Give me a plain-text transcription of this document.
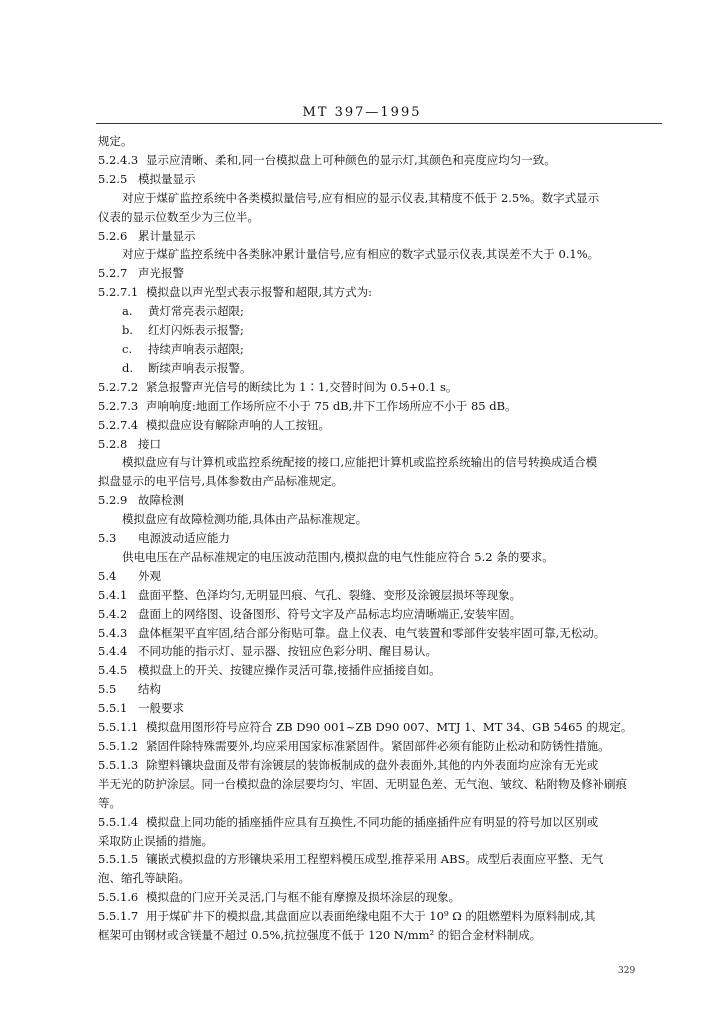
MT 397—1995
规定。
5.2.4.3 显示应清晰、柔和,同一台模拟盘上可种颜色的显示灯,其颜色和亮度应均匀一致。
5.2.5 模拟量显示
对应于煤矿监控系统中各类模拟量信号,应有相应的显示仪表,其精度不低于 2.5%。数字式显示
仪表的显示位数至少为三位半。
5.2.6 累计量显示
对应于煤矿监控系统中各类脉冲累计量信号,应有相应的数字式显示仪表,其误差不大于 0.1%。
5.2.7 声光报警
5.2.7.1 模拟盘以声光型式表示报警和超限,其方式为:
a. 黄灯常亮表示超限;
b. 红灯闪烁表示报警;
c. 持续声响表示超限;
d. 断续声响表示报警。
5.2.7.2 紧急报警声光信号的断续比为 1∶1,交替时间为 0.5+0.1 s。
5.2.7.3 声响响度:地面工作场所应不小于 75 dB,井下工作场所应不小于 85 dB。
5.2.7.4 模拟盘应设有解除声响的人工按钮。
5.2.8 接口
模拟盘应有与计算机或监控系统配接的接口,应能把计算机或监控系统输出的信号转换成适合模
拟盘显示的电平信号,具体参数由产品标准规定。
5.2.9 故障检测
模拟盘应有故障检测功能,具体由产品标准规定。
5.3 电源波动适应能力
供电电压在产品标准规定的电压波动范围内,模拟盘的电气性能应符合 5.2 条的要求。
5.4 外观
5.4.1 盘面平整、色泽均匀,无明显凹痕、气孔、裂缝、变形及涂镀层损坏等现象。
5.4.2 盘面上的网络图、设备图形、符号文字及产品标志均应清晰端正,安装牢固。
5.4.3 盘体框架平直牢固,结合部分衔贴可靠。盘上仪表、电气装置和零部件安装牢固可靠,无松动。
5.4.4 不同功能的指示灯、显示器、按钮应色彩分明、醒目易认。
5.4.5 模拟盘上的开关、按键应操作灵活可靠,接插件应插接自如。
5.5 结构
5.5.1 一般要求
5.5.1.1 模拟盘用图形符号应符合 ZB D90 001~ZB D90 007、MTJ 1、MT 34、GB 5465 的规定。
5.5.1.2 紧固件除特殊需要外,均应采用国家标准紧固件。紧固部件必须有能防止松动和防锈性措施。
5.5.1.3 除塑料镶块盘面及带有涂镀层的装饰板制成的盘外表面外,其他的内外表面均应涂有无光或
半无光的防护涂层。同一台模拟盘的涂层要均匀、牢固、无明显色差、无气泡、皱纹、粘附物及修补刷痕
等。
5.5.1.4 模拟盘上同功能的插座插件应具有互换性,不同功能的插座插件应有明显的符号加以区别或
采取防止误插的措施。
5.5.1.5 镶嵌式模拟盘的方形镶块采用工程塑料模压成型,推荐采用 ABS。成型后表面应平整、无气
泡、缩孔等缺陷。
5.5.1.6 模拟盘的门应开关灵活,门与框不能有摩擦及损坏涂层的现象。
5.5.1.7 用于煤矿井下的模拟盘,其盘面应以表面绝缘电阻不大于 10⁹ Ω 的阻燃塑料为原料制成,其
框架可由钢材或含镁量不超过 0.5%,抗拉强度不低于 120 N/mm² 的铝合金材料制成。
329
